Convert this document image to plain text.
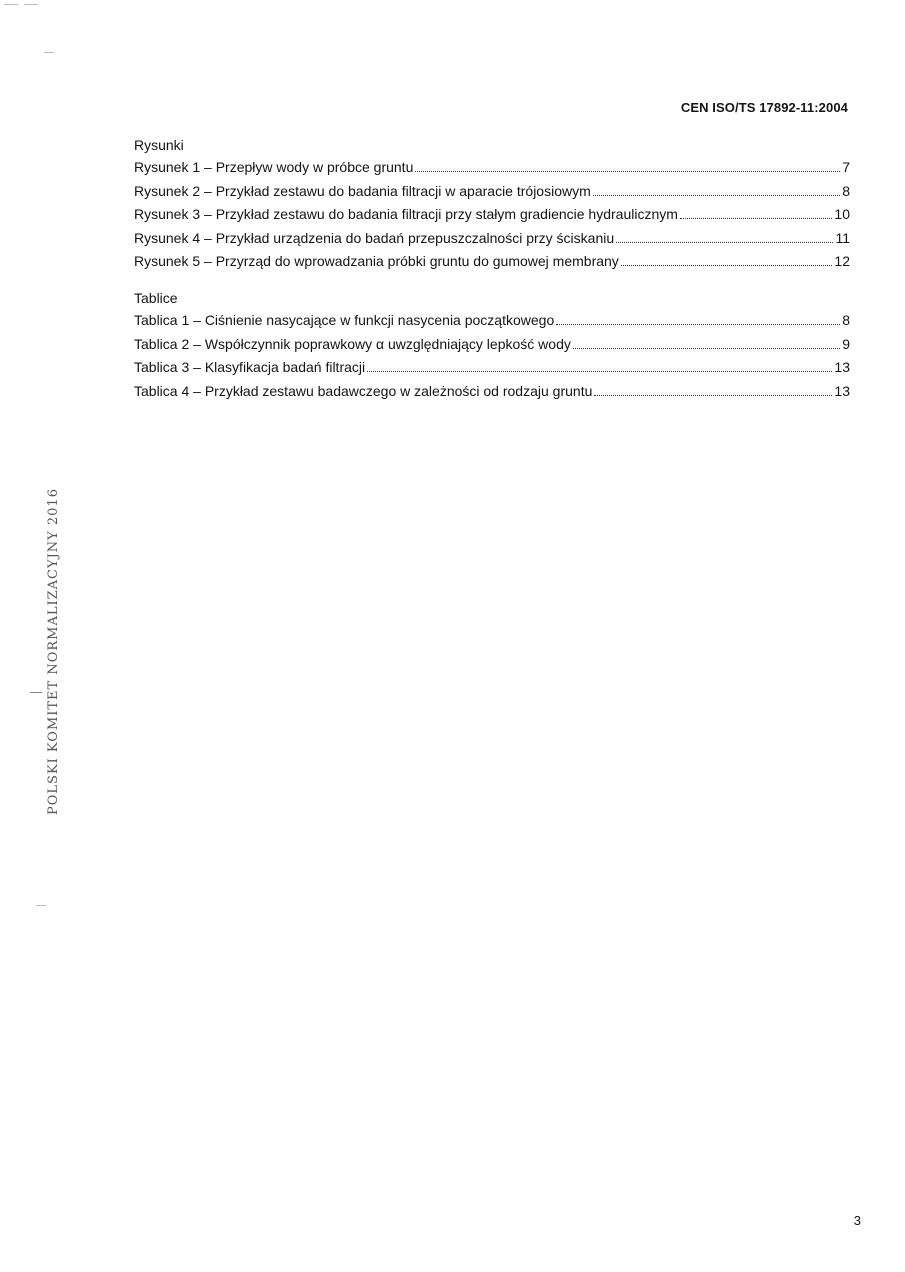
CEN ISO/TS 17892-11:2004
Rysunki
Rysunek 1 – Przepływ wody w próbce gruntu	7
Rysunek 2 – Przykład zestawu do badania filtracji w aparacie trójosiowym	8
Rysunek 3 – Przykład zestawu do badania filtracji przy stałym gradiencie hydraulicznym	10
Rysunek 4 – Przykład urządzenia do badań przepuszczalności przy ściskaniu	11
Rysunek 5 – Przyrząd do wprowadzania próbki gruntu do gumowej membrany	12
Tablice
Tablica 1 – Ciśnienie nasycające w funkcji nasycenia początkowego	8
Tablica 2 – Współczynnik poprawkowy α uwzględniający lepkość wody	9
Tablica 3 – Klasyfikacja badań filtracji	13
Tablica 4 – Przykład zestawu badawczego w zależności od rodzaju gruntu	13
POLSKI KOMITET NORMALIZACYJNY 2016
3
